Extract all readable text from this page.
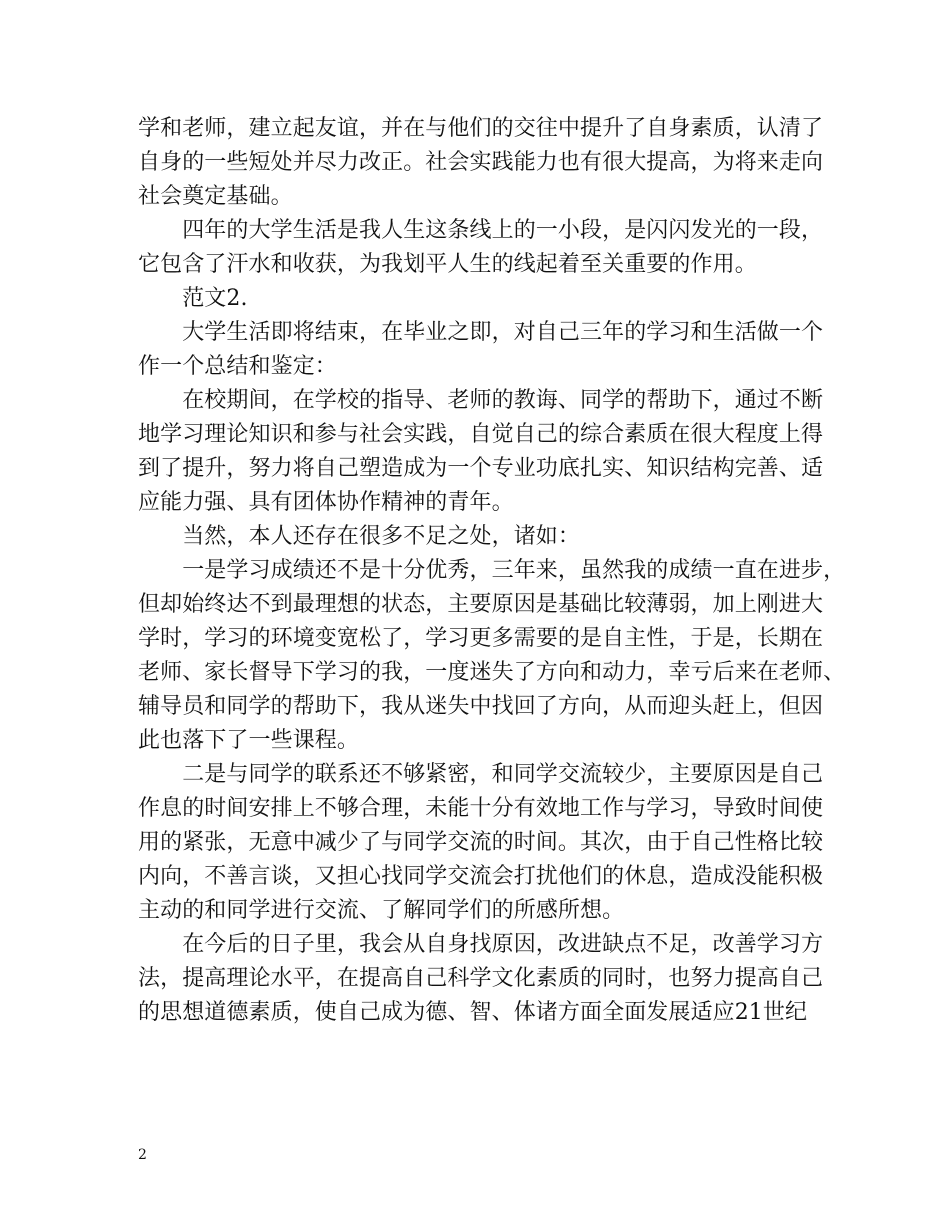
学和老师，建立起友谊，并在与他们的交往中提升了自身素质，认清了
自身的一些短处并尽力改正。社会实践能力也有很大提高，为将来走向
社会奠定基础。
　　四年的大学生活是我人生这条线上的一小段，是闪闪发光的一段，
它包含了汗水和收获，为我划平人生的线起着至关重要的作用。
　　范文2.
　　大学生活即将结束，在毕业之即，对自己三年的学习和生活做一个
作一个总结和鉴定：
　　在校期间，在学校的指导、老师的教诲、同学的帮助下，通过不断
地学习理论知识和参与社会实践，自觉自己的综合素质在很大程度上得
到了提升，努力将自己塑造成为一个专业功底扎实、知识结构完善、适
应能力强、具有团体协作精神的青年。
　　当然，本人还存在很多不足之处，诸如：
　　一是学习成绩还不是十分优秀，三年来，虽然我的成绩一直在进步，
但却始终达不到最理想的状态，主要原因是基础比较薄弱，加上刚进大
学时，学习的环境变宽松了，学习更多需要的是自主性，于是，长期在
老师、家长督导下学习的我，一度迷失了方向和动力，幸亏后来在老师、
辅导员和同学的帮助下，我从迷失中找回了方向，从而迎头赶上，但因
此也落下了一些课程。
　　二是与同学的联系还不够紧密，和同学交流较少，主要原因是自己
作息的时间安排上不够合理，未能十分有效地工作与学习，导致时间使
用的紧张，无意中减少了与同学交流的时间。其次，由于自己性格比较
内向，不善言谈，又担心找同学交流会打扰他们的休息，造成没能积极
主动的和同学进行交流、了解同学们的所感所想。
　　在今后的日子里，我会从自身找原因，改进缺点不足，改善学习方
法，提高理论水平，在提高自己科学文化素质的同时，也努力提高自己
的思想道德素质，使自己成为德、智、体诸方面全面发展适应21世纪
2
